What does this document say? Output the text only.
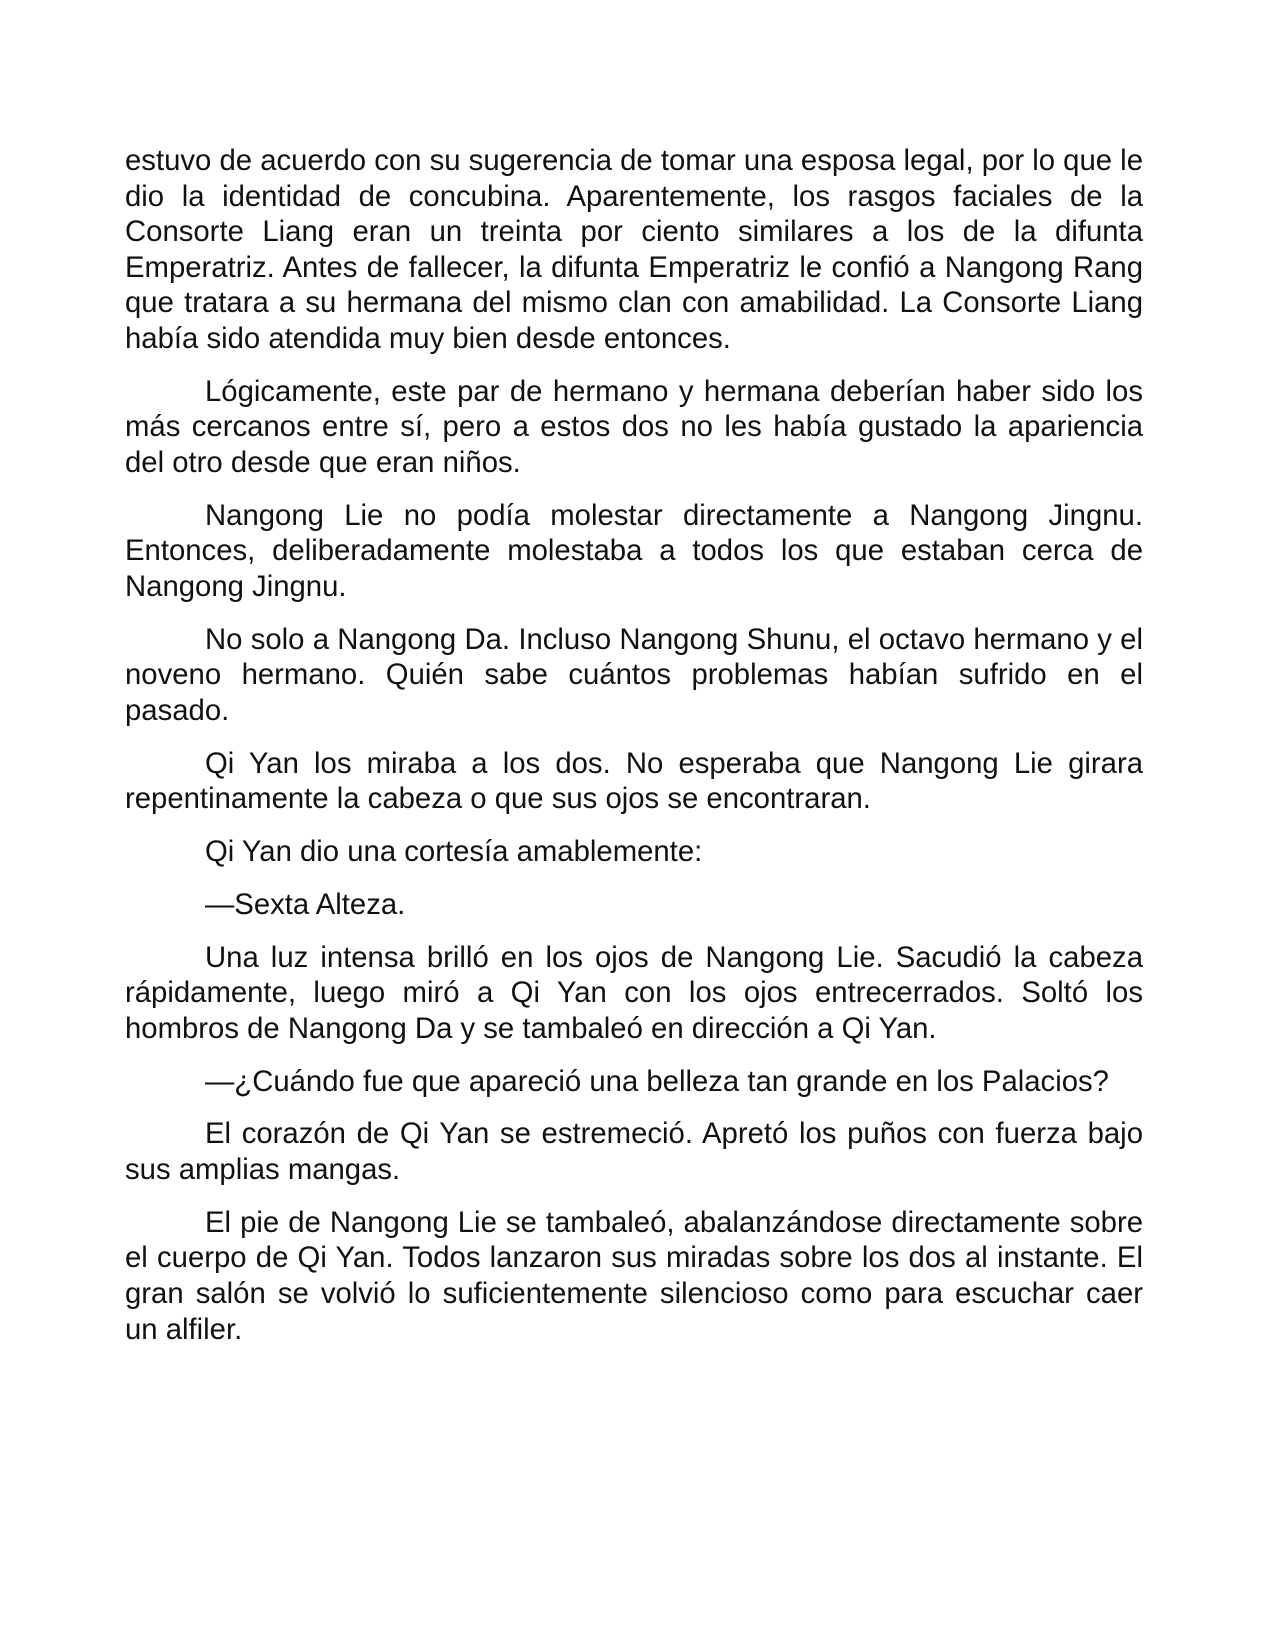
estuvo de acuerdo con su sugerencia de tomar una esposa legal, por lo que le dio la identidad de concubina. Aparentemente, los rasgos faciales de la Consorte Liang eran un treinta por ciento similares a los de la difunta Emperatriz. Antes de fallecer, la difunta Emperatriz le confió a Nangong Rang que tratara a su hermana del mismo clan con amabilidad. La Consorte Liang había sido atendida muy bien desde entonces.

Lógicamente, este par de hermano y hermana deberían haber sido los más cercanos entre sí, pero a estos dos no les había gustado la apariencia del otro desde que eran niños.

Nangong Lie no podía molestar directamente a Nangong Jingnu. Entonces, deliberadamente molestaba a todos los que estaban cerca de Nangong Jingnu.

No solo a Nangong Da. Incluso Nangong Shunu, el octavo hermano y el noveno hermano. Quién sabe cuántos problemas habían sufrido en el pasado.

Qi Yan los miraba a los dos. No esperaba que Nangong Lie girara repentinamente la cabeza o que sus ojos se encontraran.

Qi Yan dio una cortesía amablemente:

—Sexta Alteza.

Una luz intensa brilló en los ojos de Nangong Lie. Sacudió la cabeza rápidamente, luego miró a Qi Yan con los ojos entrecerrados. Soltó los hombros de Nangong Da y se tambaleó en dirección a Qi Yan.

—¿Cuándo fue que apareció una belleza tan grande en los Palacios?

El corazón de Qi Yan se estremeció. Apretó los puños con fuerza bajo sus amplias mangas.

El pie de Nangong Lie se tambaleó, abalanzándose directamente sobre el cuerpo de Qi Yan. Todos lanzaron sus miradas sobre los dos al instante. El gran salón se volvió lo suficientemente silencioso como para escuchar caer un alfiler.
